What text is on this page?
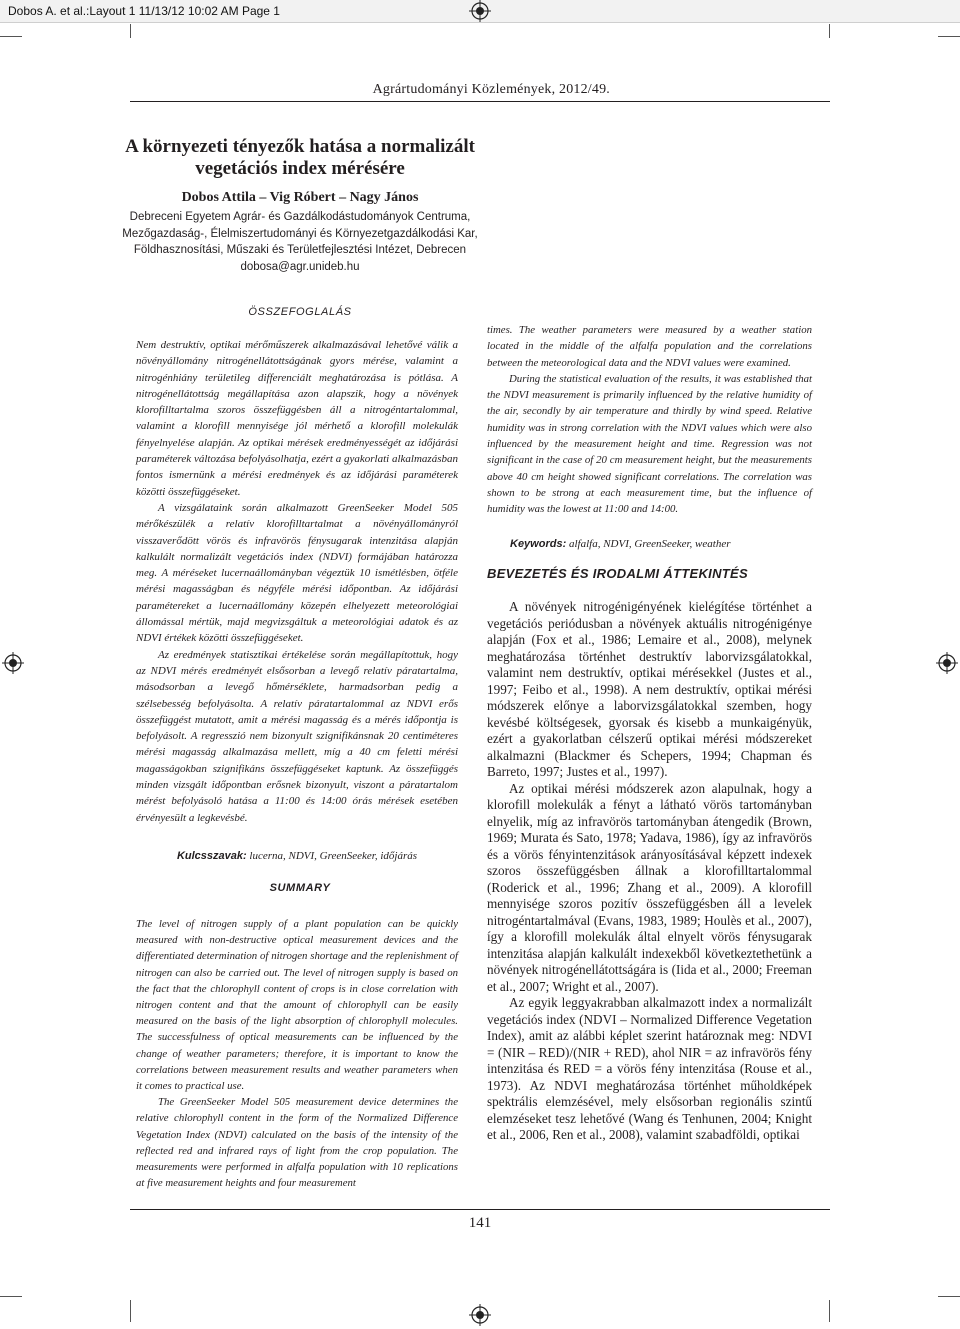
Dobos A. et al.:Layout 1 11/13/12 10:02 AM Page 1
Agrártudományi Közlemények, 2012/49.
A környezeti tényezők hatása a normalizált vegetációs index mérésére
Dobos Attila – Vig Róbert – Nagy János
Debreceni Egyetem Agrár- és Gazdálkodástudományok Centruma,
Mezőgazdaság-, Élelmiszertudományi és Környezetgazdálkodási Kar,
Földhasznosítási, Műszaki és Területfejlesztési Intézet, Debrecen
dobosa@agr.unideb.hu
ÖSSZEFOGLALÁS

Nem destruktív, optikai mérőműszerek alkalmazásával lehetővé válik a növényállomány nitrogénellátottságának gyors mérése, valamint a nitrogénhiány területileg differenciált meghatározása is pótlása. A nitrogénellátottság megállapítása azon alapszik, hogy a növények klorofilltartalma szoros összefüggésben áll a nitrogéntartalommal, valamint a klorofill mennyisége jól mérhető a klorofill molekulák fényelnyelése alapján. Az optikai mérések eredményességét az időjárási paraméterek változása befolyásolhatja, ezért a gyakorlati alkalmazásban fontos ismernünk a mérési eredmények és az időjárási paraméterek közötti összefüggéseket.

A vizsgálataink során alkalmazott GreenSeeker Model 505 mérőkészülék a relatív klorofilltartalmat a növényállományról visszaverődött vörös és infravörös fénysugarak intenzitása alapján kalkulált normalizált vegetációs index (NDVI) formájában határozza meg. A méréseket lucernaállományban végeztük 10 ismétlésben, ötféle mérési magasságban és négyféle mérési időpontban. Az időjárási paramétereket a lucernaállomány közepén elhelyezett meteorológiai állomással mértük, majd megvizsgáltuk a meteorológiai adatok és az NDVI értékek közötti összefüggéseket.

Az eredmények statisztikai értékelése során megállapítottuk, hogy az NDVI mérés eredményét elsősorban a levegő relatív páratartalma, másodsorban a levegő hőmérséklete, harmadsorban pedig a szélsebesség befolyásolta. A relatív páratartalommal az NDVI erős összefüggést mutatott, amit a mérési magasság és a mérés időpontja is befolyásolt. A regresszió nem bizonyult szignifikánsnak 20 centiméteres mérési magasság alkalmazása mellett, míg a 40 cm feletti mérési magasságokban szignifikáns összefüggéseket kaptunk. Az összefüggés minden vizsgált időpontban erősnek bizonyult, viszont a páratartalom mérést befolyásoló hatása a 11:00 és 14:00 órás mérések esetében érvényesült a legkevésbé.

Kulcsszavak: lucerna, NDVI, GreenSeeker, időjárás
SUMMARY

The level of nitrogen supply of a plant population can be quickly measured with non-destructive optical measurement devices and the differentiated determination of nitrogen shortage and the replenishment of nitrogen can also be carried out. The level of nitrogen supply is based on the fact that the chlorophyll content of crops is in close correlation with nitrogen content and that the amount of chlorophyll can be easily measured on the basis of the light absorption of chlorophyll molecules. The successfulness of optical measurements can be influenced by the change of weather parameters; therefore, it is important to know the correlations between measurement results and weather parameters when it comes to practical use.

The GreenSeeker Model 505 measurement device determines the relative chlorophyll content in the form of the Normalized Difference Vegetation Index (NDVI) calculated on the basis of the intensity of the reflected red and infrared rays of light from the crop population. The measurements were performed in alfalfa population with 10 replications at five measurement heights and four measurement

times. The weather parameters were measured by a weather station located in the middle of the alfalfa population and the correlations between the meteorological data and the NDVI values were examined.

During the statistical evaluation of the results, it was established that the NDVI measurement is primarily influenced by the relative humidity of the air, secondly by air temperature and thirdly by wind speed. Relative humidity was in strong correlation with the NDVI values which were also influenced by the measurement height and time. Regression was not significant in the case of 20 cm measurement height, but the measurements above 40 cm height showed significant correlations. The correlation was shown to be strong at each measurement time, but the influence of humidity was the lowest at 11:00 and 14:00.

Keywords: alfalfa, NDVI, GreenSeeker, weather
BEVEZETÉS ÉS IRODALMI ÁTTEKINTÉS

A növények nitrogénigényének kielégítése történhet a vegetációs periódusban a növények aktuális nitrogénigénye alapján (Fox et al., 1986; Lemaire et al., 2008), melynek meghatározása történhet destruktív laborvizsgálatokkal, valamint nem destruktív, optikai mérésekkel (Justes et al., 1997; Feibo et al., 1998). A nem destruktív, optikai mérési módszerek előnye a laborvizsgálatokkal szemben, hogy kevésbé költségesek, gyorsak és kisebb a munkaigényük, ezért a gyakorlatban célszerű optikai mérési módszereket alkalmazni (Blackmer és Schepers, 1994; Chapman és Barreto, 1997; Justes et al., 1997).

Az optikai mérési módszerek azon alapulnak, hogy a klorofill molekulák a fényt a látható vörös tartományban elnyelik, míg az infravörös tartományban átengedik (Brown, 1969; Murata és Sato, 1978; Yadava, 1986), így az infravörös és a vörös fényintenzitások arányosításával képzett indexek szoros összefüggésben állnak a klorofilltartalommal (Roderick et al., 1996; Zhang et al., 2009). A klorofill mennyisége szoros pozitív összefüggésben áll a levelek nitrogéntartalmával (Evans, 1983, 1989; Houlès et al., 2007), így a klorofill molekulák által elnyelt vörös fénysugarak intenzitása alapján kalkulált indexekből következtethetünk a növények nitrogénellátottságára is (Iida et al., 2000; Freeman et al., 2007; Wright et al., 2007).

Az egyik leggyakrabban alkalmazott index a normalizált vegetációs index (NDVI – Normalized Difference Vegetation Index), amit az alábbi képlet szerint határoznak meg: NDVI = (NIR – RED)/(NIR + RED), ahol NIR = az infravörös fény intenzitása és RED = a vörös fény intenzitása (Rouse et al., 1973). Az NDVI meghatározása történhet műholdképek spektrális elemzésével, mely elsősorban regionális szintű elemzéseket tesz lehetővé (Wang és Tenhunen, 2004; Knight et al., 2006, Ren et al., 2008), valamint szabadföldi, optikai

141
